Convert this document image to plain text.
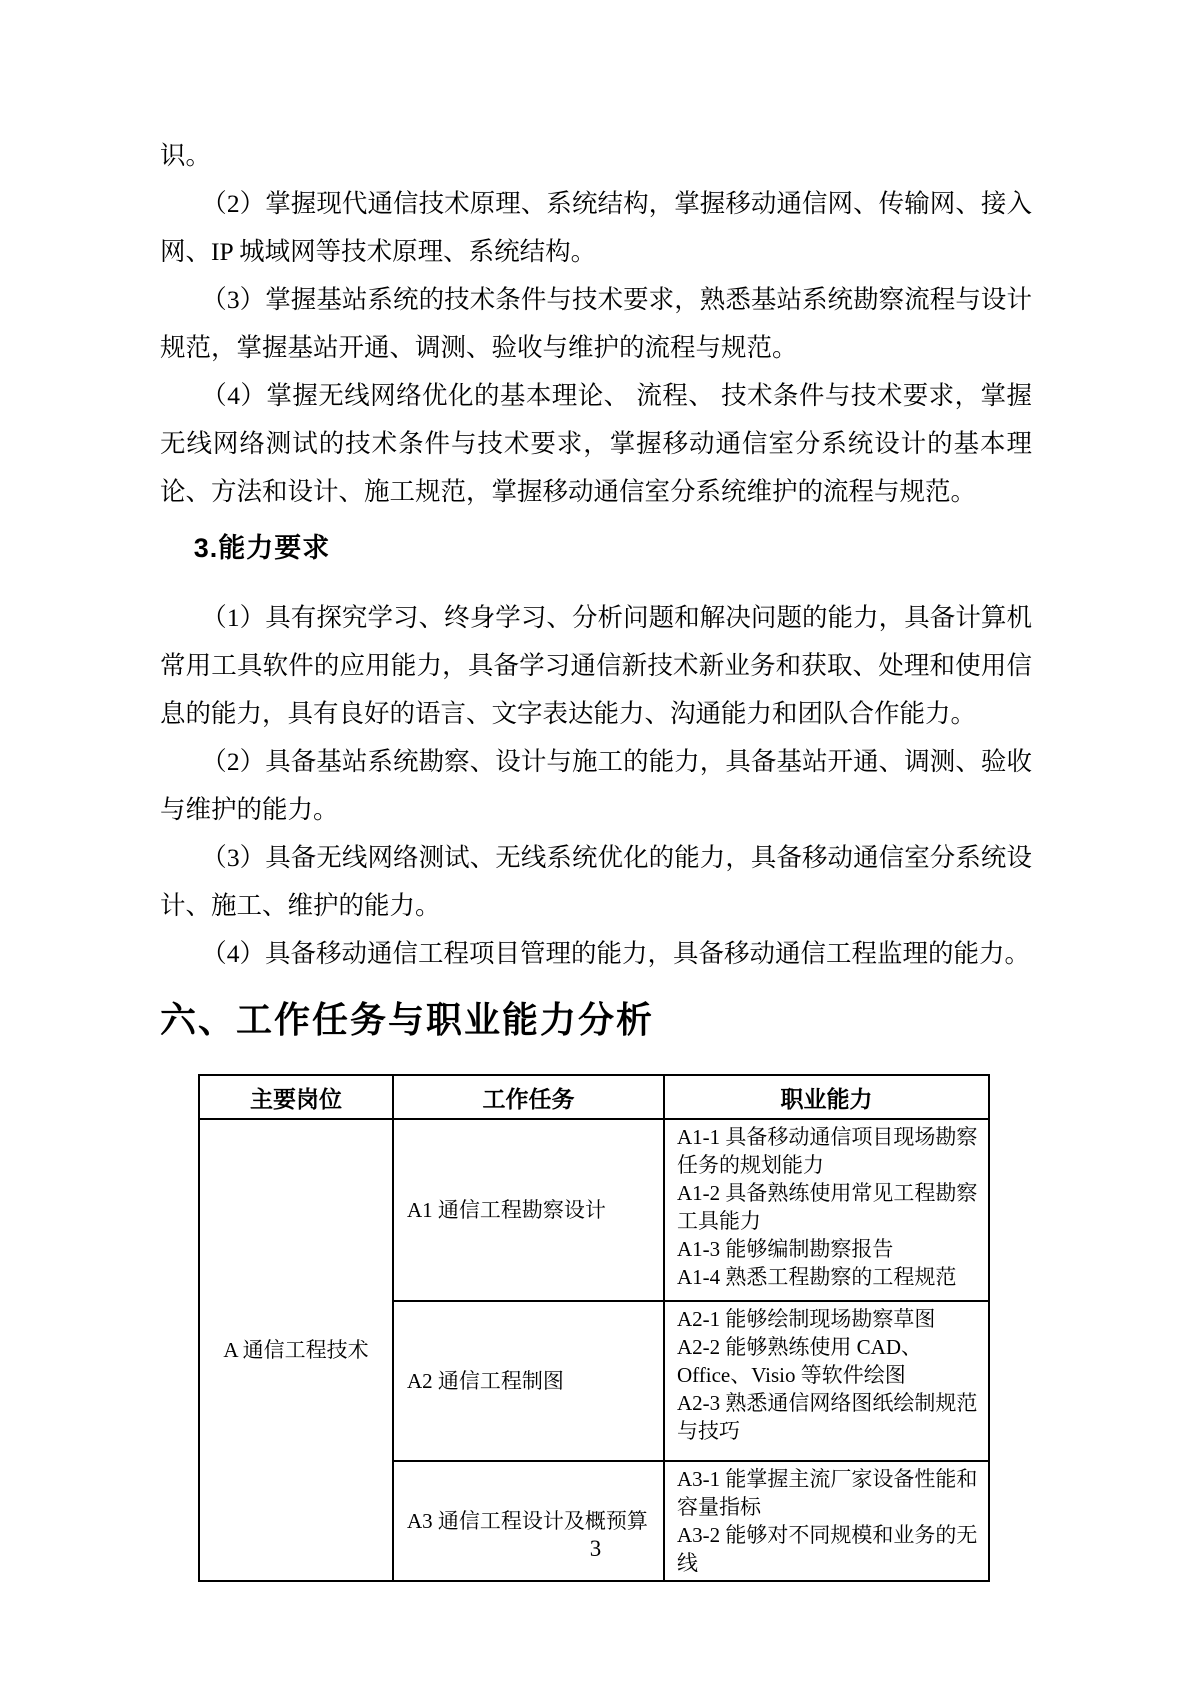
识。

（2）掌握现代通信技术原理、系统结构，掌握移动通信网、传输网、接入网、IP 城域网等技术原理、系统结构。

（3）掌握基站系统的技术条件与技术要求，熟悉基站系统勘察流程与设计规范，掌握基站开通、调测、验收与维护的流程与规范。

（4）掌握无线网络优化的基本理论、 流程、 技术条件与技术要求，掌握无线网络测试的技术条件与技术要求，掌握移动通信室分系统设计的基本理论、方法和设计、施工规范，掌握移动通信室分系统维护的流程与规范。

3.能力要求

（1）具有探究学习、终身学习、分析问题和解决问题的能力，具备计算机常用工具软件的应用能力，具备学习通信新技术新业务和获取、处理和使用信息的能力，具有良好的语言、文字表达能力、沟通能力和团队合作能力。

（2）具备基站系统勘察、设计与施工的能力，具备基站开通、调测、验收与维护的能力。

（3）具备无线网络测试、无线系统优化的能力，具备移动通信室分系统设计、施工、维护的能力。

（4）具备移动通信工程项目管理的能力，具备移动通信工程监理的能力。

六、工作任务与职业能力分析
主要岗位	工作任务	职业能力
A 通信工程技术	A1 通信工程勘察设计	A1-1 具备移动通信项目现场勘察任务的规划能力
A1-2 具备熟练使用常见工程勘察工具能力
A1-3 能够编制勘察报告
A1-4 熟悉工程勘察的工程规范

	A2 通信工程制图	A2-1 能够绘制现场勘察草图
A2-2 能够熟练使用 CAD、Office、Visio 等软件绘图
A2-3 熟悉通信网络图纸绘制规范与技巧

	A3 通信工程设计及概预算	A3-1 能掌握主流厂家设备性能和容量指标
A3-2 能够对不同规模和业务的无线
3
